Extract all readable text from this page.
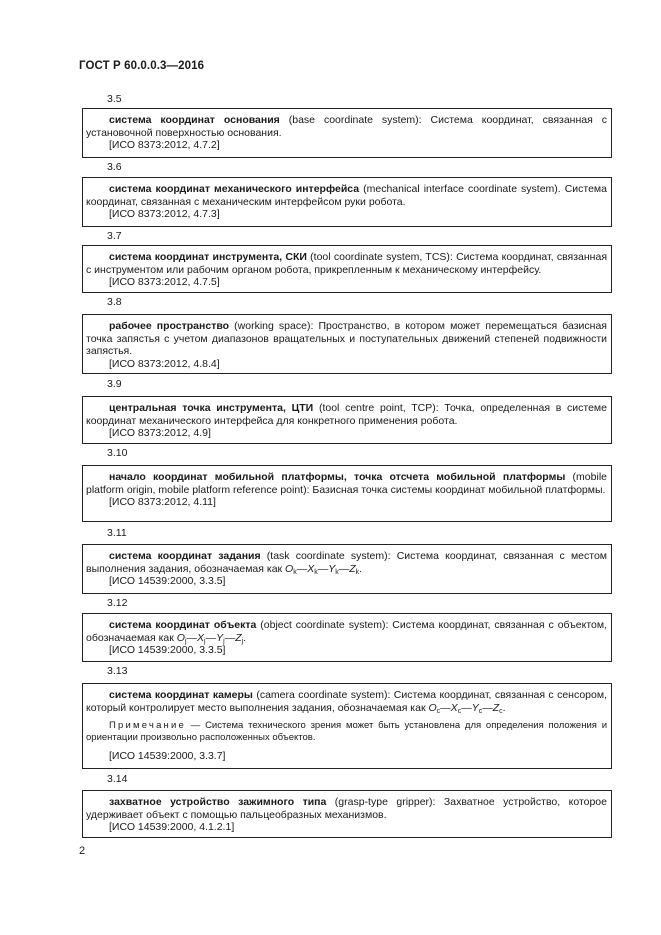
ГОСТ Р 60.0.0.3—2016
3.5

система координат основания (base coordinate system): Система координат, связанная с установочной поверхностью основания.

[ИСО 8373:2012, 4.7.2]

3.6

система координат механического интерфейса (mechanical interface coordinate system). Система координат, связанная с механическим интерфейсом руки робота.

[ИСО 8373:2012, 4.7.3]

3.7

система координат инструмента, СКИ (tool coordinate system, TCS): Система координат, связанная с инструментом или рабочим органом робота, прикрепленным к механическому интерфейсу.

[ИСО 8373:2012, 4.7.5]

3.8

рабочее пространство (working space): Пространство, в котором может перемещаться базисная точка запястья с учетом диапазонов вращательных и поступательных движений степеней подвижности запястья.

[ИСО 8373:2012, 4.8.4]

3.9

центральная точка инструмента, ЦТИ (tool centre point, TCP): Точка, определенная в системе координат механического интерфейса для конкретного применения робота.

[ИСО 8373:2012, 4.9]

3.10

начало координат мобильной платформы, точка отсчета мобильной платформы (mobile platform origin, mobile platform reference point): Базисная точка системы координат мобильной платформы.

[ИСО 8373:2012, 4.11]

3.11

система координат задания (task coordinate system): Система координат, связанная с местом выполнения задания, обозначаемая как $O_k—X_k—Y_k—Z_k$.

[ИСО 14539:2000, 3.3.5]

3.12

система координат объекта (object coordinate system): Система координат, связанная с объектом, обозначаемая как $O_j—X_j—Y_j—Z_j$.

[ИСО 14539:2000, 3.3.5]

3.13

система координат камеры (camera coordinate system): Система координат, связанная с сенсором, который контролирует место выполнения задания, обозначаемая как $O_c—X_c—Y_c—Z_c$.

Примечание — Система технического зрения может быть установлена для определения положения и ориентации произвольно расположенных объектов.

[ИСО 14539:2000, 3.3.7]

3.14

захватное устройство зажимного типа (grasp-type gripper): Захватное устройство, которое удерживает объект с помощью пальцеобразных механизмов.

[ИСО 14539:2000, 4.1.2.1]

2
